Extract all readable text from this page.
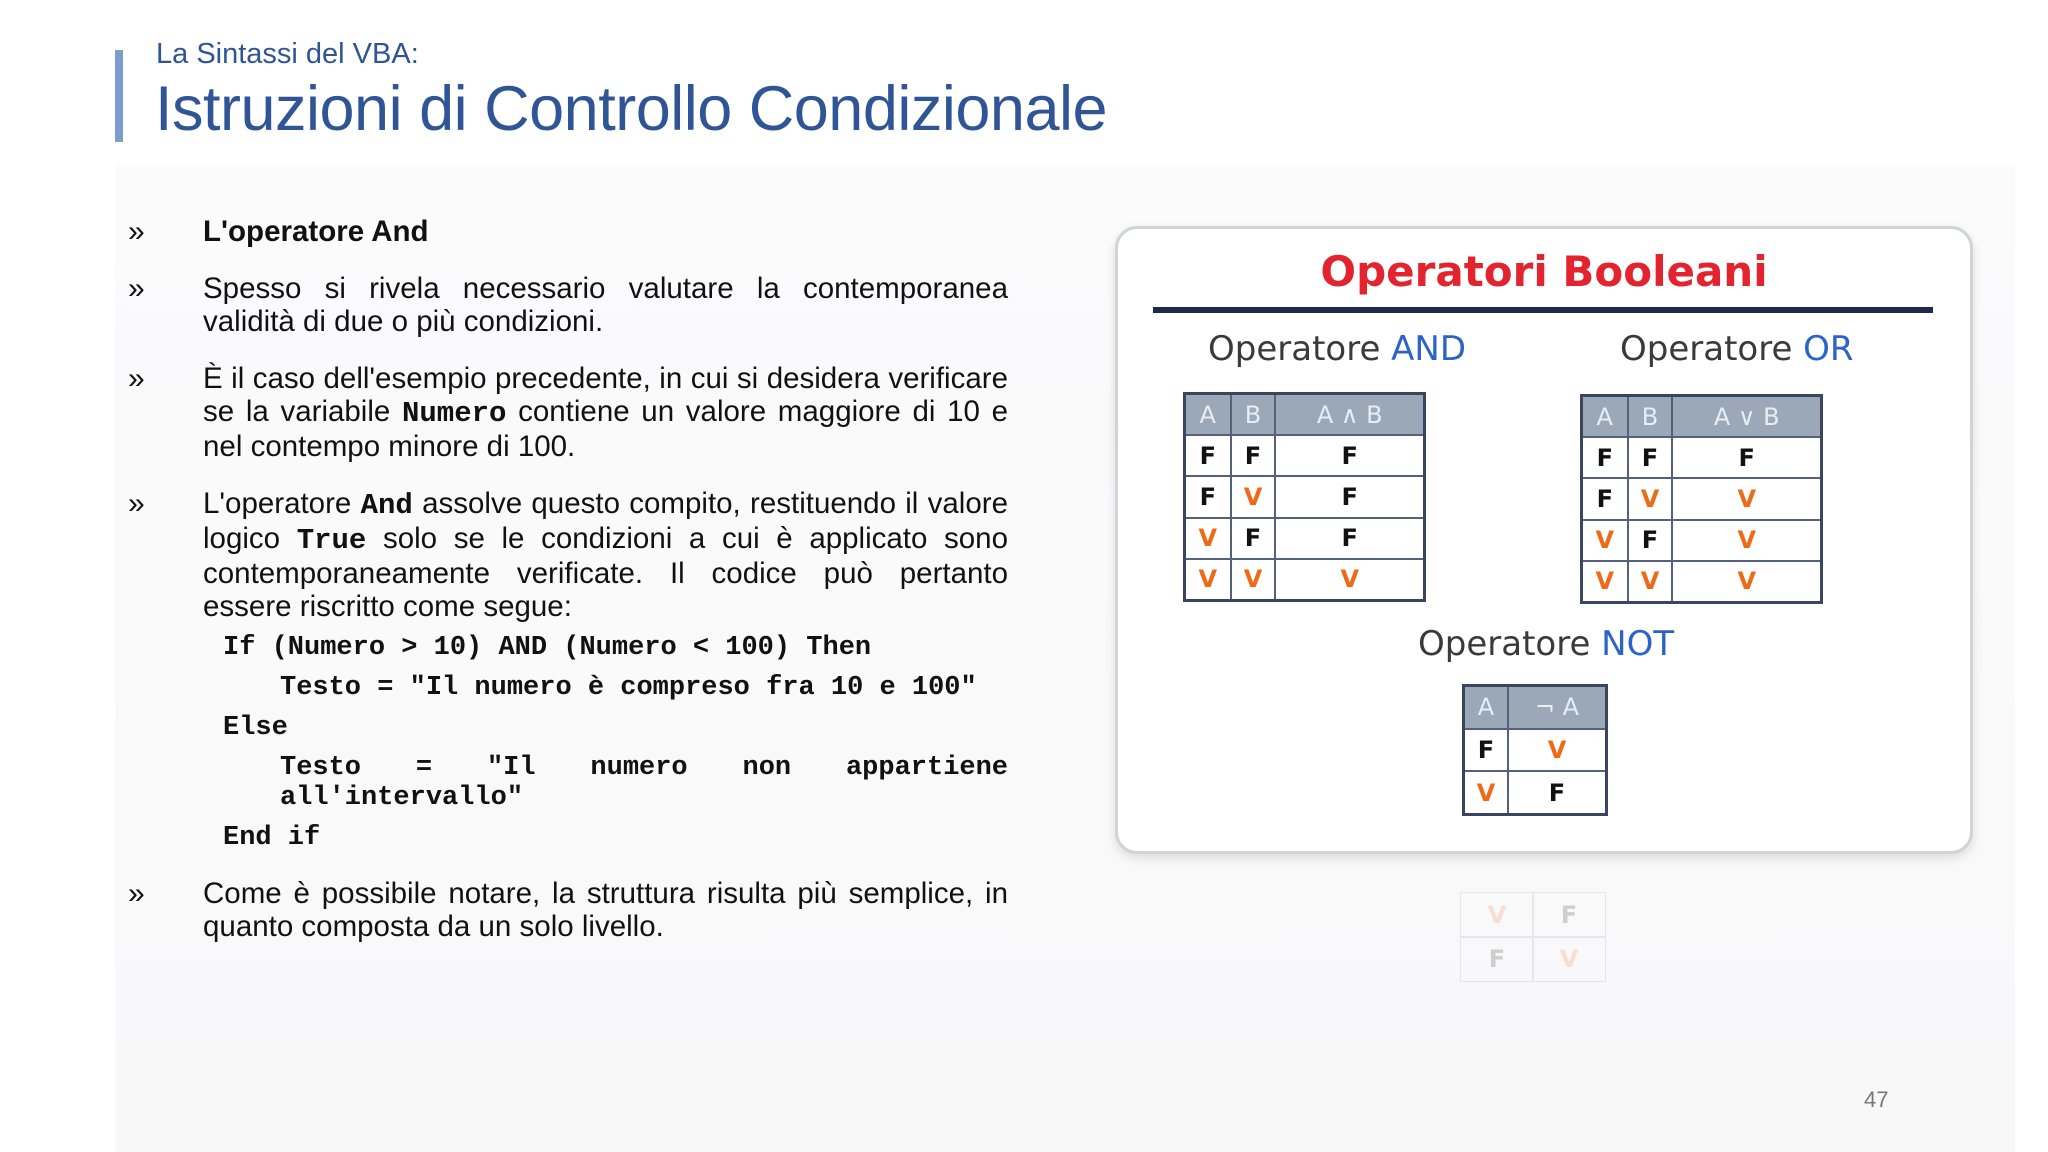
La Sintassi del VBA:
Istruzioni di Controllo Condizionale
» L'operatore And
» Spesso si rivela necessario valutare la contemporanea validità di due o più condizioni.
» È il caso dell'esempio precedente, in cui si desidera verificare se la variabile Numero contiene un valore maggiore di 10 e nel contempo minore di 100.
» L'operatore And assolve questo compito, restituendo il valore logico True solo se le condizioni a cui è applicato sono contemporaneamente verificate. Il codice può pertanto essere riscritto come segue:
If (Numero > 10) AND (Numero < 100) Then
Testo = "Il numero è compreso fra 10 e 100"
Else
Testo = "Il numero non appartiene all'intervallo"
End if
» Come è possibile notare, la struttura risulta più semplice, in quanto composta da un solo livello.
Operatori Booleani
Operatore AND
A	B	A ∧ B
F	F	F
F	V	F
V	F	F
V	V	V
Operatore OR
A	B	A ∨ B
F	F	F
F	V	V
V	F	V
V	V	V
Operatore NOT
A	¬ A
F	V
V	F
V	F
F	V
47
